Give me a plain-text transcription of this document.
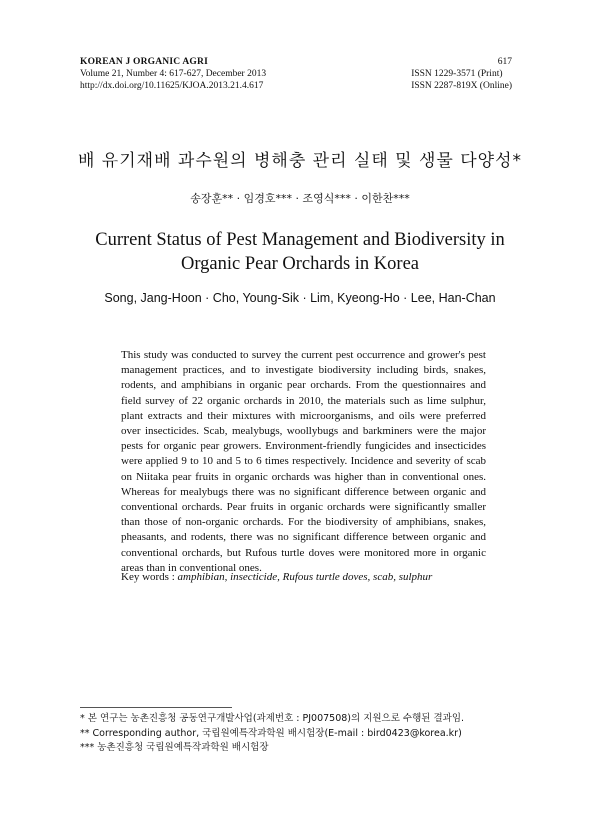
KOREAN J ORGANIC AGRI
Volume 21, Number 4: 617-627, December 2013
http://dx.doi.org/10.11625/KJOA.2013.21.4.617
617
ISSN 1229-3571 (Print)
ISSN 2287-819X (Online)
배 유기재배 과수원의 병해충 관리 실태 및 생물 다양성*
송장훈** · 임경호*** · 조영식*** · 이한찬***
Current Status of Pest Management and Biodiversity in
Organic Pear Orchards in Korea
Song, Jang-Hoon · Cho, Young-Sik · Lim, Kyeong-Ho · Lee, Han-Chan
This study was conducted to survey the current pest occurrence and grower's pest management practices, and to investigate biodiversity including birds, snakes, rodents, and amphibians in organic pear orchards. From the questionnaires and field survey of 22 organic orchards in 2010, the materials such as lime sulphur, plant extracts and their mixtures with microorganisms, and oils were preferred over insecticides. Scab, mealybugs, woollybugs and barkminers were the major pests for organic pear growers. Environment-friendly fungicides and insecticides were applied 9 to 10 and 5 to 6 times respectively. Incidence and severity of scab on Niitaka pear fruits in organic orchards was higher than in conventional ones. Whereas for mealybugs there was no significant difference between organic and conventional orchards. Pear fruits in organic orchards were significantly smaller than those of non-organic orchards. For the biodiversity of amphibians, snakes, pheasants, and rodents, there was no significant difference between organic and conventional orchards, but Rufous turtle doves were monitored more in organic areas than in conventional ones.
Key words : amphibian, insecticide, Rufous turtle doves, scab, sulphur
* 본 연구는 농촌진흥청 공동연구개발사업(과제번호 : PJ007508)의 지원으로 수행된 결과임.
** Corresponding author, 국립원예특작과학원 배시험장(E-mail : bird0423@korea.kr)
*** 농촌진흥청 국립원예특작과학원 배시험장
